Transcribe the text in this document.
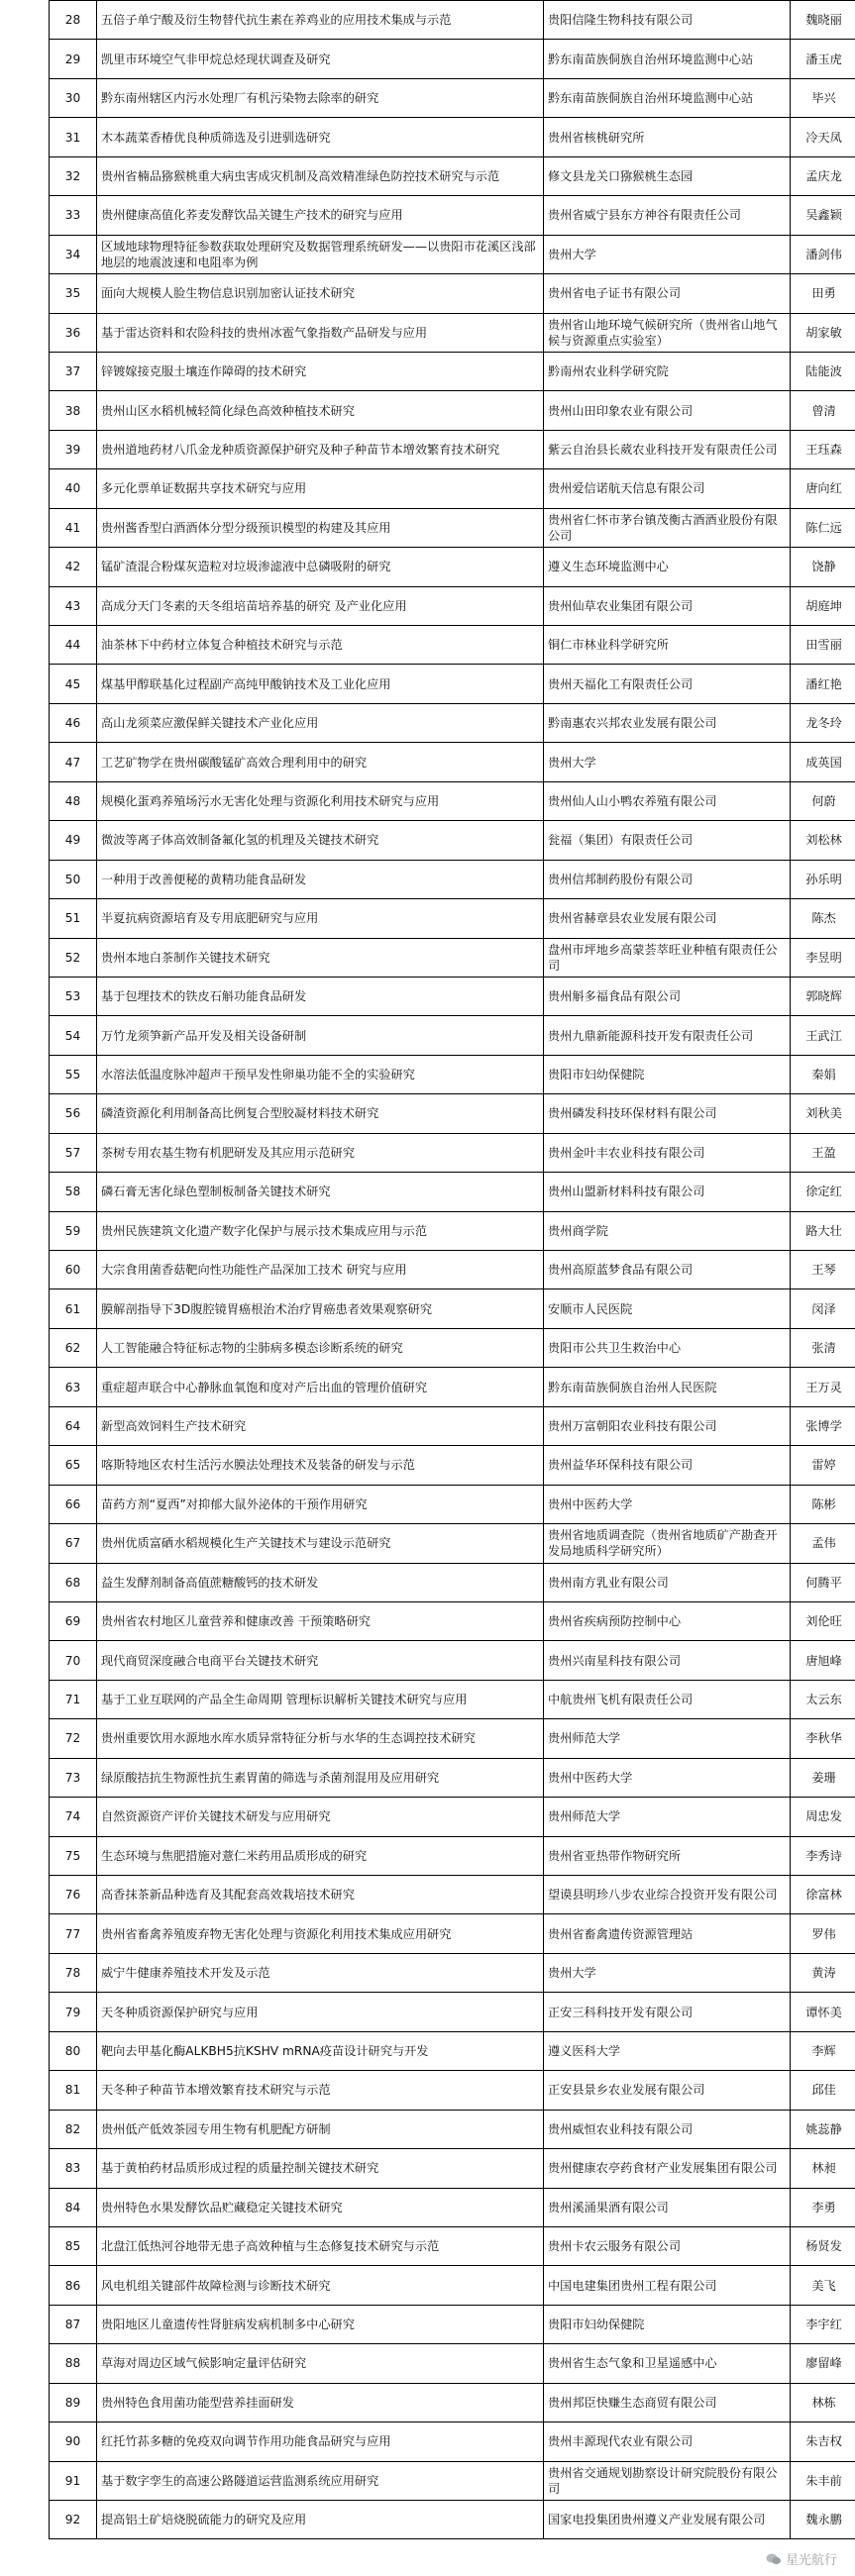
28	五倍子单宁酸及衍生物替代抗生素在养鸡业的应用技术集成与示范	贵阳信隆生物科技有限公司	魏晓丽
29	凯里市环境空气非甲烷总烃现状调查及研究	黔东南苗族侗族自治州环境监测中心站	潘玉虎
30	黔东南州辖区内污水处理厂有机污染物去除率的研究	黔东南苗族侗族自治州环境监测中心站	毕兴
31	木本蔬菜香椿优良种质筛选及引进驯选研究	贵州省核桃研究所	冷天凤
32	贵州省楠品猕猴桃重大病虫害成灾机制及高效精准绿色防控技术研究与示范	修文县龙关口猕猴桃生态园	孟庆龙
33	贵州健康高值化荞麦发酵饮品关键生产技术的研究与应用	贵州省威宁县东方神谷有限责任公司	吴鑫颖
34	区域地球物理特征参数获取处理研究及数据管理系统研发——以贵阳市花溪区浅部地层的地震波速和电阻率为例	贵州大学	潘剑伟
35	面向大规模人脸生物信息识别加密认证技术研究	贵州省电子证书有限公司	田勇
36	基于雷达资料和农险科技的贵州冰雹气象指数产品研发与应用	贵州省山地环境气候研究所（贵州省山地气候与资源重点实验室）	胡家敏
37	锌镀嫁接克服土壤连作障碍的技术研究	黔南州农业科学研究院	陆能波
38	贵州山区水稻机械轻简化绿色高效种植技术研究	贵州山田印象农业有限公司	曾清
39	贵州道地药材八爪金龙种质资源保护研究及种子种苗节本增效繁育技术研究	紫云自治县长葳农业科技开发有限责任公司	王珏森
40	多元化票单证数据共享技术研究与应用	贵州爱信诺航天信息有限公司	唐向红
41	贵州酱香型白酒酒体分型分级预识模型的构建及其应用	贵州省仁怀市茅台镇茂衡古酒酒业股份有限公司	陈仁远
42	锰矿渣混合粉煤灰造粒对垃圾渗滤液中总磷吸附的研究	遵义生态环境监测中心	饶静
43	高成分天门冬素的天冬组培苗培养基的研究 及产业化应用	贵州仙草农业集团有限公司	胡庭坤
44	油茶林下中药材立体复合种植技术研究与示范	铜仁市林业科学研究所	田雪丽
45	煤基甲醇联基化过程副产高纯甲酸钠技术及工业化应用	贵州天福化工有限责任公司	潘红艳
46	高山龙须菜应激保鲜关键技术产业化应用	黔南惠农兴邦农业发展有限公司	龙冬玲
47	工艺矿物学在贵州碳酸锰矿高效合理利用中的研究	贵州大学	成英国
48	规模化蛋鸡养殖场污水无害化处理与资源化利用技术研究与应用	贵州仙人山小鸭农养殖有限公司	何蔚
49	微波等离子体高效制备氟化氢的机理及关键技术研究	瓮福（集团）有限责任公司	刘松林
50	一种用于改善便秘的黄精功能食品研发	贵州信邦制药股份有限公司	孙乐明
51	半夏抗病资源培育及专用底肥研究与应用	贵州省赫章县农业发展有限公司	陈杰
52	贵州本地白茶制作关键技术研究	盘州市坪地乡高蒙荟萃旺业种植有限责任公司	李昱明
53	基于包埋技术的铁皮石斛功能食品研发	贵州斛多福食品有限公司	郭晓辉
54	万竹龙须笋新产品开发及相关设备研制	贵州九鼎新能源科技开发有限责任公司	王武江
55	水溶法低温度脉冲超声干预早发性卵巢功能不全的实验研究	贵阳市妇幼保健院	秦娟
56	磷渣资源化利用制备高比例复合型胶凝材料技术研究	贵州磷发科技环保材料有限公司	刘秋美
57	茶树专用农基生物有机肥研发及其应用示范研究	贵州金叶丰农业科技有限公司	王盈
58	磷石膏无害化绿色塑制板制备关键技术研究	贵州山盟新材料科技有限公司	徐定红
59	贵州民族建筑文化遗产数字化保护与展示技术集成应用与示范	贵州商学院	路大壮
60	大宗食用菌香菇靶向性功能性产品深加工技术 研究与应用	贵州高原蓝梦食品有限公司	王琴
61	膜解剖指导下3D腹腔镜胃癌根治术治疗胃癌患者效果观察研究	安顺市人民医院	闵泽
62	人工智能融合特征标志物的尘肺病多模态诊断系统的研究	贵阳市公共卫生救治中心	张清
63	重症超声联合中心静脉血氧饱和度对产后出血的管理价值研究	黔东南苗族侗族自治州人民医院	王万灵
64	新型高效饲料生产技术研究	贵州万富朝阳农业科技有限公司	张博学
65	喀斯特地区农村生活污水膜法处理技术及装备的研发与示范	贵州益华环保科技有限公司	雷婷
66	苗药方剂“夏西”对抑郁大鼠外泌体的干预作用研究	贵州中医药大学	陈彬
67	贵州优质富硒水稻规模化生产关键技术与建设示范研究	贵州省地质调查院（贵州省地质矿产勘查开发局地质科学研究所）	孟伟
68	益生发酵剂制备高值蔗糖酸钙的技术研发	贵州南方乳业有限公司	何腾平
69	贵州省农村地区儿童营养和健康改善 干预策略研究	贵州省疾病预防控制中心	刘伦旺
70	现代商贸深度融合电商平台关键技术研究	贵州兴南星科技有限公司	唐旭峰
71	基于工业互联网的产品全生命周期 管理标识解析关键技术研究与应用	中航贵州飞机有限责任公司	太云东
72	贵州重要饮用水源地水库水质异常特征分析与水华的生态调控技术研究	贵州师范大学	李秋华
73	绿原酸拮抗生物源性抗生素胃菌的筛选与杀菌剂混用及应用研究	贵州中医药大学	姜珊
74	自然资源资产评价关键技术研发与应用研究	贵州师范大学	周忠发
75	生态环境与焦肥措施对薏仁米药用品质形成的研究	贵州省亚热带作物研究所	李秀诗
76	高香抹茶新品种选育及其配套高效栽培技术研究	望谟县明珍八步农业综合投资开发有限公司	徐富林
77	贵州省畜禽养殖废弃物无害化处理与资源化利用技术集成应用研究	贵州省畜禽遗传资源管理站	罗伟
78	威宁牛健康养殖技术开发及示范	贵州大学	黄涛
79	天冬种质资源保护研究与应用	正安三科科技开发有限公司	谭怀美
80	靶向去甲基化酶ALKBH5抗KSHV mRNA疫苗设计研究与开发	遵义医科大学	李辉
81	天冬种子种苗节本增效繁育技术研究与示范	正安县景乡农业发展有限公司	邱佳
82	贵州低产低效茶园专用生物有机肥配方研制	贵州威恒农业科技有限公司	姚蕊静
83	基于黄柏药材品质形成过程的质量控制关键技术研究	贵州健康农亭药食材产业发展集团有限公司	林昶
84	贵州特色水果发酵饮品贮藏稳定关键技术研究	贵州溪涌果酒有限公司	李勇
85	北盘江低热河谷地带无患子高效种植与生态修复技术研究与示范	贵州卡农云服务有限公司	杨贤发
86	风电机组关键部件故障检测与诊断技术研究	中国电建集团贵州工程有限公司	美飞
87	贵阳地区儿童遗传性肾脏病发病机制多中心研究	贵阳市妇幼保健院	李宇红
88	草海对周边区域气候影响定量评估研究	贵州省生态气象和卫星遥感中心	廖留峰
89	贵州特色食用菌功能型营养挂面研发	贵州邦臣快赚生态商贸有限公司	林栋
90	红托竹荪多糖的免疫双向调节作用功能食品研究与应用	贵州丰源现代农业有限公司	朱吉权
91	基于数字孪生的高速公路隧道运营监测系统应用研究	贵州省交通规划勘察设计研究院股份有限公司	朱丰前
92	提高铝土矿焙烧脱硫能力的研究及应用	国家电投集团贵州遵义产业发展有限公司	魏永鹏
星光航行
